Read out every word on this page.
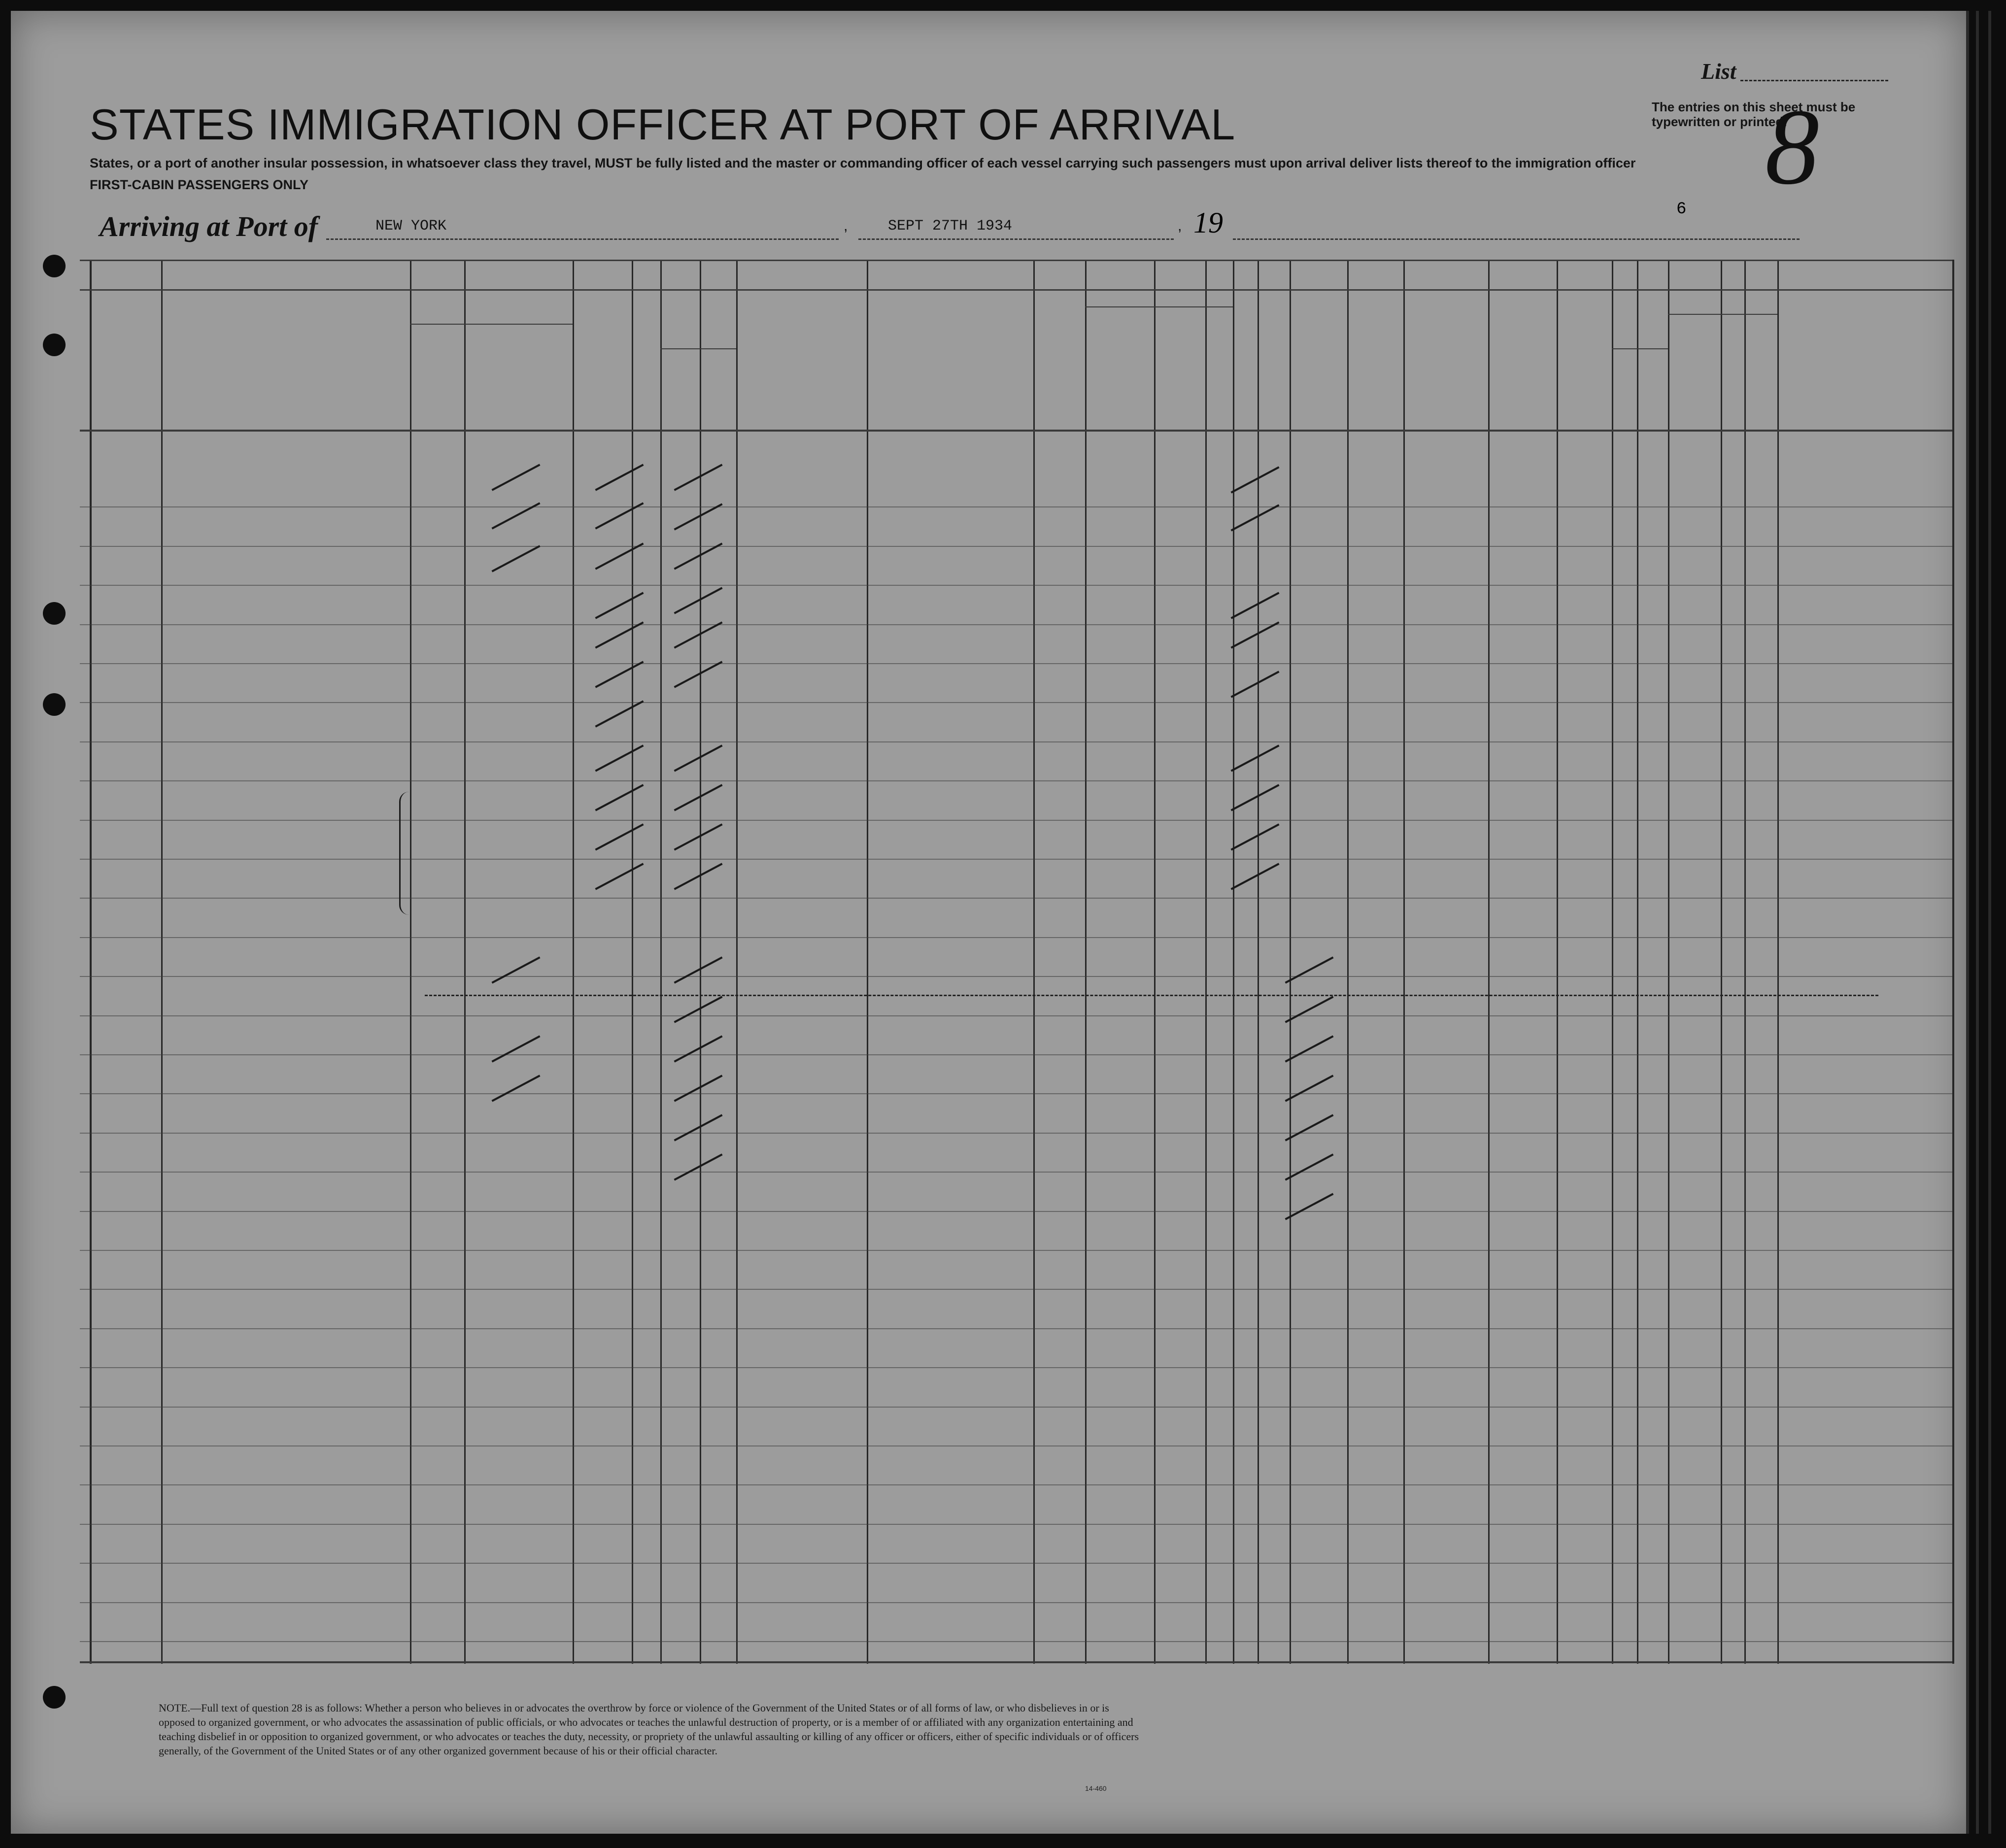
List
The entries on this sheet must be typewritten or printed.
8
STATES IMMIGRATION OFFICER AT PORT OF ARRIVAL
States, or a port of another insular possession, in whatsoever class they travel, MUST be fully listed and the master or commanding officer of each vessel carrying such passengers must upon arrival deliver lists thereof to the immigration officer
FIRST-CABIN PASSENGERS ONLY
Arriving at Port of	NEW YORK	,	SEPT 27TH 1934	, 19	6
NOTE.—Full text of question 28 is as follows: Whether a person who believes in or advocates the overthrow by force or violence of the Government of the United States or of all forms of law, or who disbelieves in or is opposed to organized government, or who advocates the assassination of public officials, or who advocates or teaches the unlawful destruction of property, or is a member of or affiliated with any organization entertaining and teaching disbelief in or opposition to organized government, or who advocates or teaches the duty, necessity, or propriety of the unlawful assaulting or killing of any officer or officers, either of specific individuals or of officers generally, of the Government of the United States or of any other organized government because of his or their official character.
14-460
